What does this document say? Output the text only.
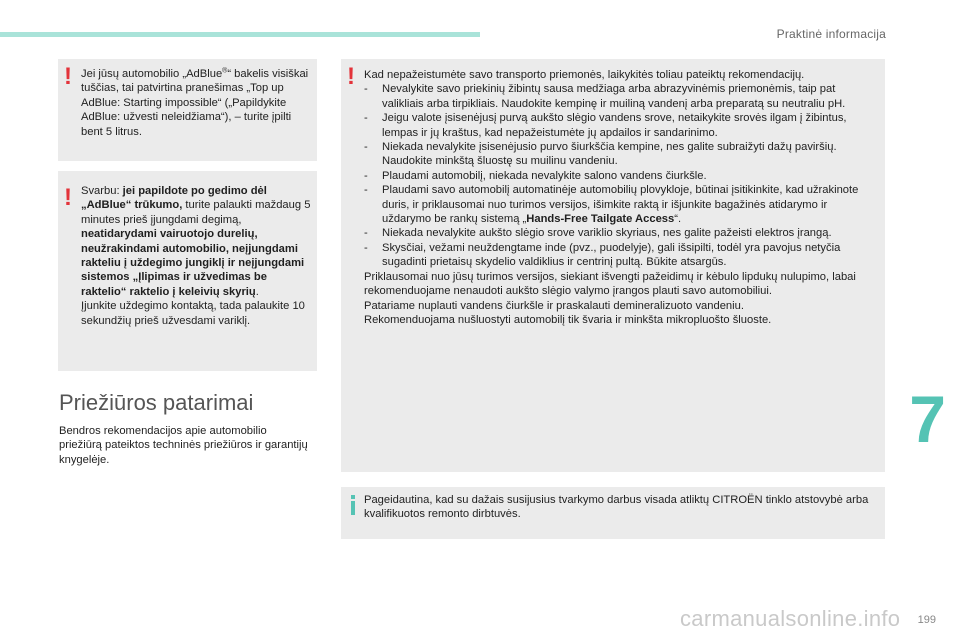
Praktinė informacija
7
199
carmanualsonline.info
! Jei jūsų automobilio „AdBlue®“ bakelis visiškai tuščias, tai patvirtina pranešimas „Top up AdBlue: Starting impossible“ („Papildykite AdBlue: užvesti neleidžiama“), – turite įpilti bent 5 litrus.

! Svarbu: jei papildote po gedimo dėl „AdBlue“ trūkumo, turite palaukti maždaug 5 minutes prieš įjungdami degimą, neatidarydami vairuotojo durelių, neužrakindami automobilio, neįjungdami rakteliu į uždegimo jungiklį ir neįjungdami sistemos „Įlipimas ir užvedimas be raktelio“ raktelio į keleivių skyrių.

Įjunkite uždegimo kontaktą, tada palaukite 10 sekundžių prieš užvesdami variklį.

Priežiūros patarimai

Bendros rekomendacijos apie automobilio priežiūrą pateiktos techninės priežiūros ir garantijų knygelėje.

! Kad nepažeistumėte savo transporto priemonės, laikykitės toliau pateiktų rekomendacijų.

- Nevalykite savo priekinių žibintų sausa medžiaga arba abrazyvinėmis priemonėmis, taip pat valikliais arba tirpikliais. Naudokite kempinę ir muiliną vandenį arba preparatą su neutraliu pH.
- Jeigu valote įsisenėjusį purvą aukšto slėgio vandens srove, netaikykite srovės ilgam į žibintus, lempas ir jų kraštus, kad nepažeistumėte jų apdailos ir sandarinimo.
- Niekada nevalykite įsisenėjusio purvo šiurkščia kempine, nes galite subraižyti dažų paviršių. Naudokite minkštą šluostę su muilinu vandeniu.
- Plaudami automobilį, niekada nevalykite salono vandens čiurkšle.
- Plaudami savo automobilį automatinėje automobilių plovykloje, būtinai įsitikinkite, kad užrakinote duris, ir priklausomai nuo turimos versijos, išimkite raktą ir išjunkite bagažinės atidarymo ir uždarymo be rankų sistemą „Hands-Free Tailgate Access“.
- Niekada nevalykite aukšto slėgio srove variklio skyriaus, nes galite pažeisti elektros įrangą.
- Skysčiai, vežami neuždengtame inde (pvz., puodelyje), gali išsipilti, todėl yra pavojus netyčia sugadinti prietaisų skydelio valdiklius ir centrinį pultą. Būkite atsargūs.

Priklausomai nuo jūsų turimos versijos, siekiant išvengti pažeidimų ir kėbulo lipdukų nulupimo, labai rekomenduojame nenaudoti aukšto slėgio valymo įrangos plauti savo automobiliui.

Patariame nuplauti vandens čiurkšle ir praskalauti demineralizuoto vandeniu.

Rekomenduojama nušluostyti automobilį tik švaria ir minkšta mikropluošto šluoste.

Pageidautina, kad su dažais susijusius tvarkymo darbus visada atliktų CITROËN tinklo atstovybė arba kvalifikuotos remonto dirbtuvės.
